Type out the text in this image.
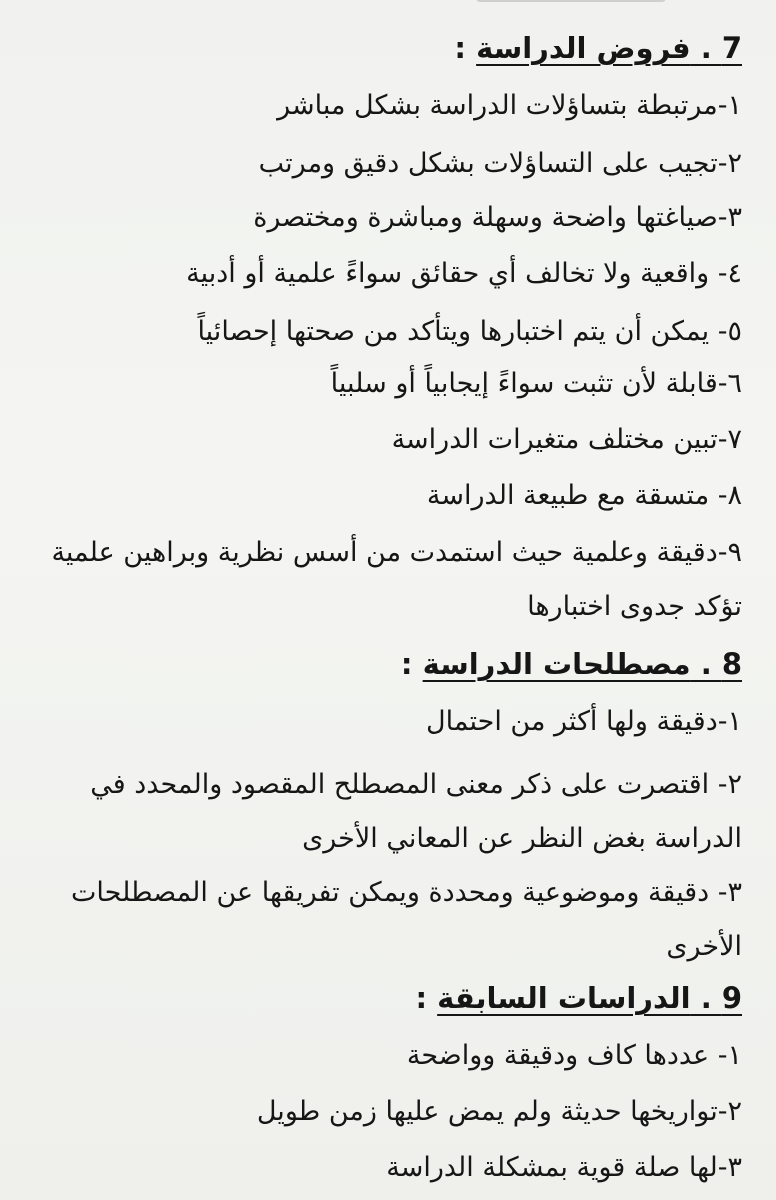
7 . فروض الدراسة :
١-مرتبطة بتساؤلات الدراسة بشكل مباشر
٢-تجيب على التساؤلات بشكل دقيق ومرتب
٣-صياغتها واضحة وسهلة ومباشرة ومختصرة
٤- واقعية ولا تخالف أي حقائق سواءً علمية أو أدبية
٥- يمكن أن يتم اختبارها ويتأكد من صحتها إحصائياً
٦-قابلة لأن تثبت سواءً إيجابياً أو سلبياً
٧-تبين مختلف متغيرات الدراسة
٨- متسقة مع طبيعة الدراسة
٩-دقيقة وعلمية حيث استمدت من أسس نظرية وبراهين علمية تؤكد جدوى اختبارها
8 . مصطلحات الدراسة :
١-دقيقة ولها أكثر من احتمال
٢- اقتصرت على ذكر معنى المصطلح المقصود والمحدد في الدراسة بغض النظر عن المعاني الأخرى
٣- دقيقة وموضوعية ومحددة ويمكن تفريقها عن المصطلحات الأخرى
9 . الدراسات السابقة :
١- عددها كاف ودقيقة وواضحة
٢-تواريخها حديثة ولم يمض عليها زمن طويل
٣-لها صلة قوية بمشكلة الدراسة
